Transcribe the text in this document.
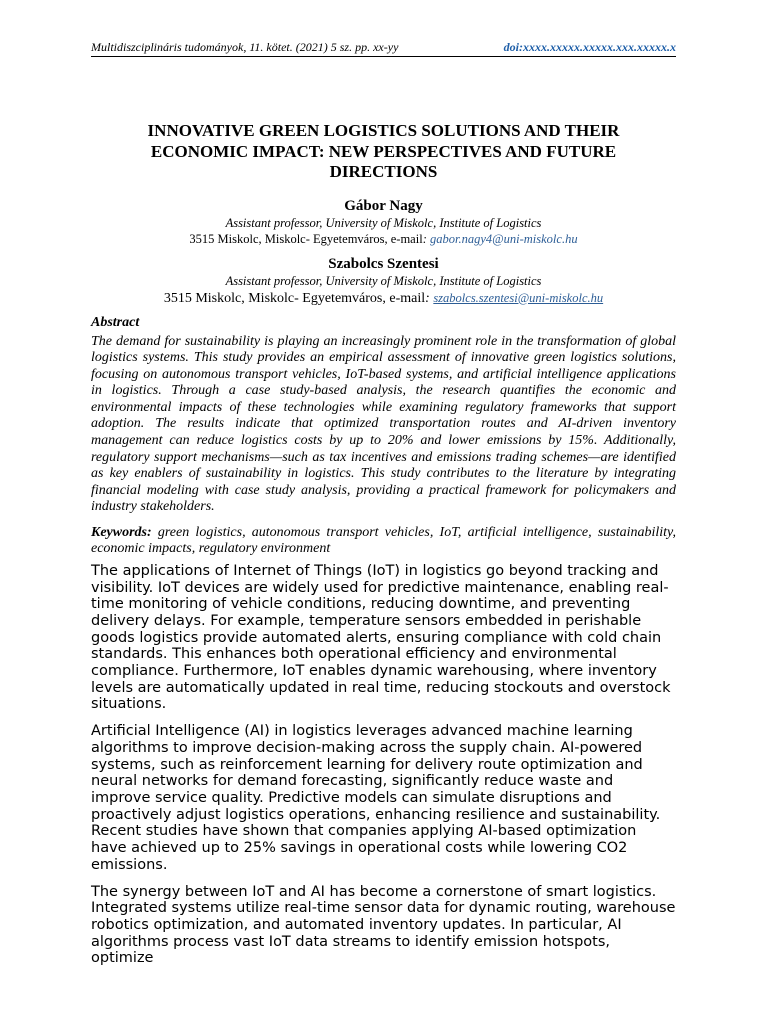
Multidiszciplináris tudományok, 11. kötet. (2021) 5 sz. pp. xx-yy	doi:xxxx.xxxxx.xxxxx.xxx.xxxxx.x
INNOVATIVE GREEN LOGISTICS SOLUTIONS AND THEIR ECONOMIC IMPACT: NEW PERSPECTIVES AND FUTURE DIRECTIONS
Gábor Nagy
Assistant professor, University of Miskolc, Institute of Logistics
3515 Miskolc, Miskolc- Egyetemváros, e-mail: gabor.nagy4@uni-miskolc.hu
Szabolcs Szentesi
Assistant professor, University of Miskolc, Institute of Logistics
3515 Miskolc, Miskolc- Egyetemváros, e-mail: szabolcs.szentesi@uni-miskolc.hu
Abstract
The demand for sustainability is playing an increasingly prominent role in the transformation of global logistics systems. This study provides an empirical assessment of innovative green logistics solutions, focusing on autonomous transport vehicles, IoT-based systems, and artificial intelligence applications in logistics. Through a case study-based analysis, the research quantifies the economic and environmental impacts of these technologies while examining regulatory frameworks that support adoption. The results indicate that optimized transportation routes and AI-driven inventory management can reduce logistics costs by up to 20% and lower emissions by 15%. Additionally, regulatory support mechanisms—such as tax incentives and emissions trading schemes—are identified as key enablers of sustainability in logistics. This study contributes to the literature by integrating financial modeling with case study analysis, providing a practical framework for policymakers and industry stakeholders.
Keywords: green logistics, autonomous transport vehicles, IoT, artificial intelligence, sustainability, economic impacts, regulatory environment

The applications of Internet of Things (IoT) in logistics go beyond tracking and visibility. IoT devices are widely used for predictive maintenance, enabling real-time monitoring of vehicle conditions, reducing downtime, and preventing delivery delays. For example, temperature sensors embedded in perishable goods logistics provide automated alerts, ensuring compliance with cold chain standards. This enhances both operational efficiency and environmental compliance. Furthermore, IoT enables dynamic warehousing, where inventory levels are automatically updated in real time, reducing stockouts and overstock situations.

Artificial Intelligence (AI) in logistics leverages advanced machine learning algorithms to improve decision-making across the supply chain. AI-powered systems, such as reinforcement learning for delivery route optimization and neural networks for demand forecasting, significantly reduce waste and improve service quality. Predictive models can simulate disruptions and proactively adjust logistics operations, enhancing resilience and sustainability. Recent studies have shown that companies applying AI-based optimization have achieved up to 25% savings in operational costs while lowering CO2 emissions.

The synergy between IoT and AI has become a cornerstone of smart logistics. Integrated systems utilize real-time sensor data for dynamic routing, warehouse robotics optimization, and automated inventory updates. In particular, AI algorithms process vast IoT data streams to identify emission hotspots, optimize
